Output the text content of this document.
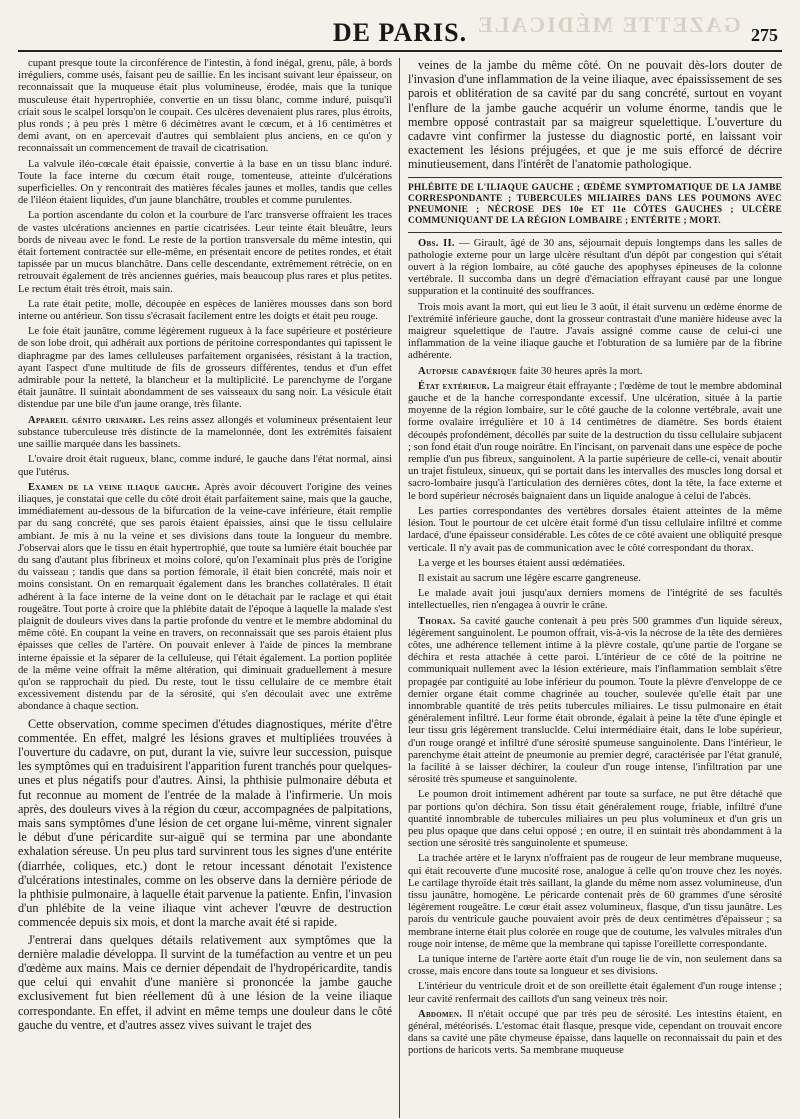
GAZETTE MÉDICALE
DE PARIS.	275

cupant presque toute la circonférence de l'intestin, à fond inégal, grenu, pâle, à bords irréguliers, comme usés, faisant peu de saillie. En les incisant suivant leur épaisseur, on reconnaissait que la muqueuse était plus volumineuse, érodée, mais que la tunique musculeuse était hypertrophiée, convertie en un tissu blanc, comme induré, puisqu'il criait sous le scalpel lorsqu'on le coupait. Ces ulcères devenaient plus rares, plus étroits, plus ronds ; à peu près 1 mètre 6 décimètres avant le cœcum, et à 16 centimètres et demi avant, on en apercevait d'autres qui semblaient plus anciens, en ce qu'on y reconnaissait un commencement de travail de cicatrisation.

La valvule iléo-cœcale était épaissie, convertie à la base en un tissu blanc induré. Toute la face interne du cœcum était rouge, tomenteuse, atteinte d'ulcérations superficielles. On y rencontrait des matières fécales jaunes et molles, tandis que celles de l'iléon étaient liquides, d'un jaune blanchâtre, troubles et comme purulentes.

La portion ascendante du colon et la courbure de l'arc transverse offraient les traces de vastes ulcérations anciennes en partie cicatrisées. Leur teinte était bleuâtre, leurs bords de niveau avec le fond. Le reste de la portion transversale du même intestin, qui était fortement contractée sur elle-même, en présentait encore de petites rondes, et était tapissée par un mucus blanchâtre. Dans celle descendante, extrêmement rétrécie, on en retrouvait également de très anciennes guéries, mais beaucoup plus rares et plus petites. Le rectum était très étroit, mais sain.

La rate était petite, molle, découpée en espèces de lanières mousses dans son bord interne ou antérieur. Son tissu s'écrasait facilement entre les doigts et était peu rouge.

Le foie était jaunâtre, comme légèrement rugueux à la face supérieure et postérieure de son lobe droit, qui adhérait aux portions de péritoine correspondantes qui tapissent le diaphragme par des lames celluleuses parfaitement organisées, résistant à la traction, ayant l'aspect d'une multitude de fils de grosseurs différentes, tendus et d'un effet admirable pour la netteté, la blancheur et la multiplicité. Le parenchyme de l'organe était jaunâtre. Il suintait abondamment de ses vaisseaux du sang noir. La vésicule était distendue par une bile d'un jaune orange, très filante.

Appareil génito urinaire. Les reins assez allongés et volumineux présentaient leur substance tuberculeuse très distincte de la mamelonnée, dont les extrémités faisaient une saillie marquée dans les bassinets.

L'ovaire droit était rugueux, blanc, comme induré, le gauche dans l'état normal, ainsi que l'utérus.

Examen de la veine iliaque gauche. Après avoir découvert l'origine des veines iliaques, je constatai que celle du côté droit était parfaitement saine, mais que la gauche, immédiatement au-dessous de la bifurcation de la veine-cave inférieure, était remplie par du sang concrété, que ses parois étaient épaissies, ainsi que le tissu cellulaire ambiant. Je mis à nu la veine et ses divisions dans toute la longueur du membre. J'observai alors que le tissu en était hypertrophié, que toute sa lumière était bouchée par du sang d'autant plus fibrineux et moins coloré, qu'on l'examinait plus près de l'origine du vaisseau ; tandis que dans sa portion fémorale, il était bien concrété, mais noir et moins consistant. On en remarquait également dans les branches collatérales. Il était adhérent à la face interne de la veine dont on le détachait par le raclage et qui était rougeâtre. Tout porte à croire que la phlébite datait de l'époque à laquelle la malade s'est plaignit de douleurs vives dans la partie profonde du ventre et le membre abdominal du même côté. En coupant la veine en travers, on reconnaissait que ses parois étaient plus épaisses que celles de l'artère. On pouvait enlever à l'aide de pinces la membrane interne épaissie et la séparer de la celluleuse, qui l'était également. La portion poplitée de la même veine offrait la même altération, qui diminuait graduellement à mesure qu'on se rapprochait du pied. Du reste, tout le tissu cellulaire de ce membre était excessivement distendu par de la sérosité, qui s'en découlait avec une extrême abondance à chaque section.

Cette observation, comme specimen d'études diagnostiques, mérite d'être commentée. En effet, malgré les lésions graves et multipliées trouvées à l'ouverture du cadavre, on put, durant la vie, suivre leur succession, puisque les symptômes qui en traduisirent l'apparition furent tranchés pour quelques-unes et plus négatifs pour d'autres. Ainsi, la phthisie pulmonaire débuta et fut reconnue au moment de l'entrée de la malade à l'infirmerie. Un mois après, des douleurs vives à la région du cœur, accompagnées de palpitations, mais sans symptômes d'une lésion de cet organe lui-même, vinrent signaler le début d'une péricardite sur-aiguë qui se termina par une abondante exhalation séreuse. Un peu plus tard survinrent tous les signes d'une entérite (diarrhée, coliques, etc.) dont le retour incessant dénotait l'existence d'ulcérations intestinales, comme on les observe dans la dernière période de la phthisie pulmonaire, à laquelle était parvenue la patiente. Enfin, l'invasion d'un phlébite de la veine iliaque vint achever l'œuvre de destruction commencée depuis six mois, et dont la marche avait été si rapide.

J'entrerai dans quelques détails relativement aux symptômes que la dernière maladie développa. Il survint de la tuméfaction au ventre et un peu d'œdème aux mains. Mais ce dernier dépendait de l'hydropéricardite, tandis que celui qui envahit d'une manière si prononcée la jambe gauche exclusivement fut bien réellement dû à une lésion de la veine iliaque correspondante. En effet, il advint en même temps une douleur dans le côté gauche du ventre, et d'autres assez vives suivant le trajet des

veines de la jambe du même côté. On ne pouvait dès-lors douter de l'invasion d'une inflammation de la veine iliaque, avec épaississement de ses parois et oblitération de sa cavité par du sang concrété, surtout en voyant l'enflure de la jambe gauche acquérir un volume énorme, tandis que le membre opposé contrastait par sa maigreur squelettique. L'ouverture du cadavre vint confirmer la justesse du diagnostic porté, en laissant voir exactement les lésions préjugées, et que je me suis efforcé de décrire minutieusement, dans l'intérêt de l'anatomie pathologique.

PHLÉBITE DE L'ILIAQUE GAUCHE ; ŒDÈME SYMPTOMATIQUE DE LA JAMBE CORRESPONDANTE ; TUBERCULES MILIAIRES DANS LES POUMONS AVEC PNEUMONIE ; NÉCROSE DES 10e ET 11e CÔTES GAUCHES ; ULCÈRE COMMUNIQUANT DE LA RÉGION LOMBAIRE ; ENTÉRITE ; MORT.

Obs. II. — Girault, âgé de 30 ans, séjournait depuis longtemps dans les salles de pathologie externe pour un large ulcère résultant d'un dépôt par congestion qui s'était ouvert à la région lombaire, au côté gauche des apophyses épineuses de la colonne vertébrale. Il succomba dans un degré d'émaciation effrayant causé par une longue suppuration et la continuité des souffrances.

Trois mois avant la mort, qui eut lieu le 3 août, il était survenu un œdème énorme de l'extrémité inférieure gauche, dont la grosseur contrastait d'une manière hideuse avec la maigreur squelettique de l'autre. J'avais assigné comme cause de celui-ci une inflammation de la veine iliaque gauche et l'obturation de sa lumière par de la fibrine adhérente.

Autopsie cadavérique faite 30 heures après la mort.

État extérieur. La maigreur était effrayante ; l'œdème de tout le membre abdominal gauche et de la hanche correspondante excessif. Une ulcération, située à la partie moyenne de la région lombaire, sur le côté gauche de la colonne vertébrale, avait une forme ovalaire irrégulière et 10 à 14 centimètres de diamètre. Ses bords étaient découpés profondément, décollés par suite de la destruction du tissu cellulaire subjacent ; son fond était d'un rouge noirâtre. En l'incisant, on parvenait dans une espèce de poche remplie d'un pus fibreux, sanguinolent. A la partie supérieure de celle-ci, venait aboutir un trajet fistuleux, sinueux, qui se portait dans les intervalles des muscles long dorsal et sacro-lombaire jusqu'à l'articulation des dernières côtes, dont la tête, la face externe et le bord supérieur nécrosés baignaient dans un liquide analogue à celui de l'abcès.

Les parties correspondantes des vertèbres dorsales étaient atteintes de la même lésion. Tout le pourtour de cet ulcère était formé d'un tissu cellulaire infiltré et comme lardacé, d'une épaisseur considérable. Les côtes de ce côté avaient une obliquité presque verticale. Il n'y avait pas de communication avec le côté correspondant du thorax.

La verge et les bourses étaient aussi œdématiées.

Il existait au sacrum une légère escarre gangreneuse.

Le malade avait joui jusqu'aux derniers momens de l'intégrité de ses facultés intellectuelles, rien n'engagea à ouvrir le crâne.

Thorax. Sa cavité gauche contenait à peu près 500 grammes d'un liquide séreux, légèrement sanguinolent. Le poumon offrait, vis-à-vis la nécrose de la tête des dernières côtes, une adhérence tellement intime à la plèvre costale, qu'une partie de l'organe se déchira et resta attachée à cette paroi. L'intérieur de ce côté de la poitrine ne communiquait nullement avec la lésion extérieure, mais l'inflammation semblait s'être propagée par contiguité au lobe inférieur du poumon. Toute la plèvre d'enveloppe de ce dernier organe était comme chagrinée au toucher, soulevée qu'elle était par une innombrable quantité de très petits tubercules miliaires. Le tissu pulmonaire en était généralement infiltré. Leur forme était obronde, égalait à peine la tête d'une épingle et leur tissu gris légèrement transluclde. Celui intermédiaire était, dans le lobe supérieur, d'un rouge orangé et infiltré d'une sérosité spumeuse sanguinolente. Dans l'intérieur, le parenchyme était atteint de pneumonie au premier degré, caractérisée par l'état granulé, la facilité à se laisser déchirer, la couleur d'un rouge intense, l'infiltration par une sérosité très spumeuse et sanguinolente.

Le poumon droit intimement adhérent par toute sa surface, ne put être détaché que par portions qu'on déchira. Son tissu était généralement rouge, friable, infiltré d'une quantité innombrable de tubercules miliaires un peu plus volumineux et d'un gris un peu plus opaque que dans celui opposé ; en outre, il en suintait très abondamment à la section une sérosité très sanguinolente et spumeuse.

La trachée artère et le larynx n'offraient pas de rougeur de leur membrane muqueuse, qui était recouverte d'une mucosité rose, analogue à celle qu'on trouve chez les noyés. Le cartilage thyroïde était très saillant, la glande du même nom assez volumineuse, d'un tissu jaunâtre, homogène. Le péricarde contenait près de 60 grammes d'une sérosité légèrement rougeâtre. Le cœur était assez volumineux, flasque, d'un tissu jaunâtre. Les parois du ventricule gauche pouvaient avoir près de deux centimètres d'épaisseur ; sa membrane interne était plus colorée en rouge que de coutume, les valvules mitrales d'un rouge noir intense, de même que la membrane qui tapisse l'oreillette correspondante.

La tunique interne de l'artère aorte était d'un rouge lie de vin, non seulement dans sa crosse, mais encore dans toute sa longueur et ses divisions.

L'intérieur du ventricule droit et de son oreillette était également d'un rouge intense ; leur cavité renfermait des caillots d'un sang veineux très noir.

Abdomen. Il n'était occupé que par très peu de sérosité. Les intestins étaient, en général, météorisés. L'estomac était flasque, presque vide, cependant on trouvait encore dans sa cavité une pâte chymeuse épaisse, dans laquelle on reconnaissait du pain et des portions de haricots verts. Sa membrane muqueuse
